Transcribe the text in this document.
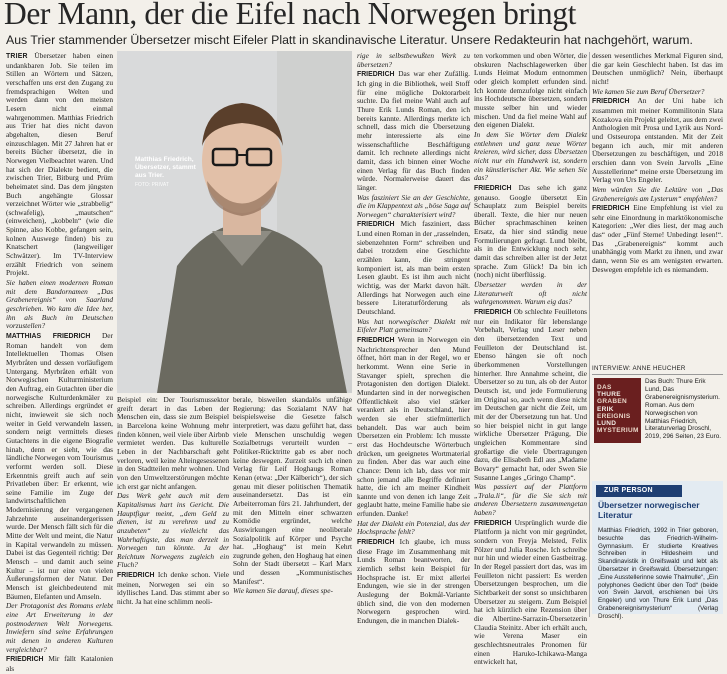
Der Mann, der die Eifel nach Norwegen bringt
Aus Trier stammender Übersetzer mischt Eifeler Platt in skandinavische Literatur. Unsere Redakteurin hat nachgehört, warum.

TRIER Übersetzer haben einen undankbaren Job. Sie teilen im Stillen an Wörtern und Sätzen, verschaffen uns erst den Zugang zu fremdsprachigen Welten und werden dann von den meisten Lesern nicht einmal wahrgenommen. Matthias Friedrich aus Trier hat dies nicht davon abgehalten, diesen Beruf einzuschlagen. Mit 27 Jahren hat er bereits Bücher übersetzt, die in Norwegen Vielbeachtet waren. Und hat sich der Dialekte bedient, die zwischen Trier, Bitburg und Prüm beheimatet sind. Das dem jüngsten Buch angehängte Glossar verzeichnet Wörter wie „strabbelig“ (schwafelig), „mautschen“ (einweichen), „kobbeln“ (wie die Spinne, also Kobbe, gefangen sein, kolnen Auswege finden) bis zu Knatschert (langweiliger Schwätzer). Im TV-Interview erzählt Friedrich von seinem Projekt.

Sie haben einen modernen Roman mit dem Bandornamen „Das Grabenereignis“ von Saarland geschrieben. Wo kam die Idee her, ihn als Buch im Deutschen vorzustellen?

MATTHIAS FRIEDRICH Der Roman handelt von dem Intellektuellen Thomas Olsen Myrbråten und dessen vorläufigem Untergang. Myrbråten erhält von Norwegischen Kulturministerium den Auftrag, ein Gutachten über die norwegische Kulturdenkmäler zu schreiben. Allerdings ergründet er nicht, inwieweit sie sich noch weiter in Geld verwandeln lassen, sondern neigt vermittels dieses Gutachtens in die eigene Biografie hinab, denn er sieht, wie das ländliche Norwegen vom Tourismus verformt werden soll. Diese Erkenntnis greift auch auf sein Privatleben über: Er erkennt, wie seine Familie im Zuge der landwirtschaftlichen Modernisierung der vergangenen Jahrzehnte auseinandergerissen wurde. Der Mensch fällt sich für die Mitte der Welt und meint, die Natur in Kapital verwandeln zu müssen. Dabei ist das Gegenteil richtig: Der Mensch – und damit auch seine Kultur – ist nur eine von vielen Äußerungsformen der Natur. Der Mensch ist gleichbedeutend mit Bäumen, Elefanten und Amseln.

Der Protagonist des Romans erlebt eine Art Erweiterung in der postmodernen Welt Norwegens. Inwiefern sind seine Erfahrungen mit denen in anderen Kulturen vergleichbar?

FRIEDRICH Mir fällt Katalonien als

Matthias Friedrich, Übersetzer, stammt aus Trier.
FOTO: PRIVAT

Beispiel ein: Der Tourismussektor greift derart in das Leben der Menschen ein, dass sie zum Beispiel in Barcelona keine Wohnung mehr finden können, weil viele über Airbnb vermietet werden. Das kulturelle Leben in der Nachbarschaft geht verloren, weil keine Alteingesessenen in den Stadtteilen mehr wohnen. Und von den Umweltzerstörungen möchte ich erst gar nicht anfangen.

Das Werk geht auch mit dem Kapitalismus hart ins Gericht. Die Hauptfigur meint, „dem Geld zu dienen, ist zu verehren und zu anzubeten“ zu vielleicht das Wahrhaftigste, das man derzeit in Norwegen tun könnte. Ja der Reichtum Norwegens zugleich ein Fluch?

FRIEDRICH Ich denke schon. Viele meinen, Norwegen sei ein so idyllisches Land. Das stimmt aber so nicht. Ja hat eine schlimm neoli-

berale, bisweilen skandalös unfähige Regierung: das Sozialamt NAV hat beispielsweise die Gesetze falsch interpretiert, was dazu geführt hat, dass viele Menschen unschuldig wegen Sozialbetrugs verurteilt wurden – Politiker-Rücktritte gab es aber noch keine deswegen. Zurzeit such ich einen Verlag für Leif Hoghaugs Roman Kenan (etwa: „Der Kälberich“), der sich genau mit dieser politischen Thematik auseinandersetzt. Das ist ein Arbeiterroman fürs 21. Jahrhundert, der mit den Mitteln einer schwarzen Komödie ergründet, welche Auswirkungen eine neoliberale Sozialpolitik auf Körper und Psyche hat. „Hoghaug“ ist mein Kehrt zugrunde gehen, den Hoghaug hat einen Sohn der Stadt übersetzt – Karl Marx und dessen „Kommunistisches Manifest“.

Wie kamen Sie darauf, dieses spe-

rige in selbstbewußten Werk zu übersetzen?

FRIEDRICH Das war eher Zufällig. Ich ging in die Bibliothek, weil Stoff für eine mögliche Doktorarbeit suchte. Da fiel meine Wahl auch auf Thure Erik Lunds Roman, den ich bereits kannte. Allerdings merkte ich schnell, dass mich die Übersetzung mehr interessierte als eine wissenschaftliche Beschäftigung damit. Ich rechnete allerdings nicht damit, dass ich binnen einer Woche einen Verlag für das Buch finden würde. Normalerweise dauert das länger.

Was fasziniert Sie an der Geschichte, die im Klappentext als „böse Saga auf Norwegen“ charakterisiert wird?

FRIEDRICH Mich fasziniert, dass Lund einen Roman in der „rasselnden, siebenzehnten Form“ schreiben und dabei trotzdem eine Geschichte erzählen kann, die stringent komponiert ist, als man beim ersten Lesen glaubt. Es ist ihm auch nicht wichtig, was der Markt davon hält. Allerdings hat Norwegen auch eine bessere Literaturförderung als Deutschland.

Was hat norwegischer Dialekt mit Eifeler Platt gemeinsam?

FRIEDRICH Wenn in Norwegen ein Nachrichtensprecher den Mund öffnet, hört man in der Regel, wo er herkommt. Wenn eine Serie in Stavanger spielt, sprechen die Protagonisten den dortigen Dialekt. Mundarten sind in der norwegischen Öffentlichkeit also viel stärker verankert als in Deutschland, hier werden sie eher stiefmütterlich behandelt. Das war auch beim Übersetzen ein Problem: Ich musste erst das Hochdeutsche Wörterbuch drücken, um geeignetes Wortmaterial zu finden. Aber das war auch eine Chance: Denn ich lab, dass vor mir schon jemand alle Begriffe definiert hatte, die ich am meiner Kindheit kannte und von denen ich lange Zeit geglaubt hatte, meine Familie habe sie erfunden. Danke!

Hat der Dialekt ein Potenzial, das der Hochsprache fehlt?

FRIEDRICH Ich glaube, ich muss diese Frage im Zusammenhang mit Lunds Roman beantworten, der ziemlich selbst kein Beispiel für Hochsprache ist. Er mixt allerlei Endungen, wie sie in der strengen Auslegung der Bokmål-Variante üblich sind, die von den modernen Norwegern gesprochen wird. Endungen, die in manchen Dialek-

ten vorkommen und oben Wörter, die obskuren Nachschlagewerken über Lunds Heimat Modum entnommen oder gleich komplett erfunden sind. Ich konnte demzufolge nicht einfach ins Hochdeutsche übersetzen, sondern musste selber hin und wieder mischen. Und da fiel meine Wahl auf den eigenen Dialekt.

In dem Sie Wörter dem Dialekt entlehnen und ganz neue Wörter kreieren, wird sicher, dass Übersetzen nicht nur ein Handwerk ist, sondern ein künstlerischer Akt. Wie sehen Sie das?

FRIEDRICH Das sehe ich ganz genauso. Google übersetzt Ein Schauplatz zum Beispiel bereits überall. Texte, die hier nur neuen Bücher sprachmaschinen keinen Ersatz, da hier sind ständig neue Formulierungen gefragt. Lund bleibt, als in die Entwicklung noch sehr, damit das schreiben aller ist der Jetzt sprache. Zum Glück! Da bin ich (noch) nicht überflüssig.

Übersetzer werden in der Literaturwelt oft nicht wahrgenommen. Warum eig das?

FRIEDRICH Ob schlechte Feuilletons nur ein Indikator für lebenslange Vorbehalt, Verlag und Leser neben den übersetzenden Text und Feuilleton der Deutschland ist. Ebenso hängen sie oft noch überkommenen Vorstellungen hinterher. Ihre Annahme scheint, die Übersetzer so zu tun, als ob der Autor Deutsch ist, und jede Formulierung im Original so, auch wenn diese nicht im Deutschen gar nicht die Zeit, um mit der der Übersetzung tun hat. Und so hier beispiel nicht in gut lange wirkliche Übersetzer Prägung, Die ungleichen Kommentare sind großartige die viele Übertragungen dazu, die Elisabeth Edl aus „Madame Bovary“ gemacht hat, oder Swen Sie Susanne Langes „Gringo Champ“.

Was passiert auf der Plattform „Trala.li“, für die Sie sich mit anderen Übersetzern zusammengetan haben?

FRIEDRICH Ursprünglich wurde die Plattform ja nicht von mir gegründet, sondern von Freyja Melsted, Felix Pölzer und Julia Rosche. Ich schreibe nur hin und wieder einen Gastbeitrag. In der Regel passiert dort das, was im Feuilleton nicht passiert: Es werden Übersetzungen besprochen, um die Sichtbarkeit der sonst so unsichtbaren Übersetzer zu steigern. Zum Beispiel hat ich kürzlich eine Rezension über die Albertine-Sarrazin-Übersetzerin Claudia Steinitz. Aber ich erhält auch, wie Verena Maser ein geschlechtsneutrales Pronomen für einen Haruko-Ichikawa-Manga entwickelt hat,

dessen wesentliches Merkmal Figuren sind, die gar kein Geschlecht haben. Ist das im Deutschen unmöglich? Nein, überhaupt nicht!

Wie kamen Sie zum Beruf Übersetzer?

FRIEDRICH An der Uni habe ich zusammen mit meiner Kommilitonin Slata Kozakova ein Projekt geleitet, aus dem zwei Anthologien mit Prosa und Lyrik aus Nord- und Ostseuropa entstanden. Mit der Zeit begann ich auch, mir mit anderen Übersetzungen zu beschäftigen, und 2018 erschien dann von Svein Jarvolls „Eine Ausstellerinne“ meine erste Übersetzung im Verlag von Urs Engeler.

Wem würden Sie die Lektüre von „Das Grabenereignis am Lysterum“ empfehlen?

FRIEDRICH Eine Empfehlung ist viel zu sehr eine Einordnung in marktökonomische Kategorien: „Wer dies liest, der mag auch das“ oder „Fünf Sterne! Unbedingt lesen!“. Das „Grabenereignis“ kommt auch unabhängig vom Markt zu ihnen, und zwar dann, wenn Sie es am wenigsten erwarten. Deswegen empfehle ich es niemandem.

INTERVIEW: ANNE HEUCHER
DAS
THURE
GRABEN
ERIK
EREIGNIS
LUND
MYSTERIUM
Das Buch: Thure Erik Lund, Das Grabenereignismysterium. Roman. Aus dem Norwegischen von Matthias Friedrich, Literaturverlag Droschl, 2019, 296 Seiten, 23 Euro.
ZUR PERSON
Übersetzer norwegischer Literatur
Matthias Friedrich, 1992 in Trier geboren, besuchte das Friedrich-Wilhelm-Gymnasium. Er studierte Kreatives Schreiben in Hildesheim und Skandinavistik in Greifswald und lebt als Übersetzer in Greifswald. Übersetzungen: „Eine Ausstellerinne sowie Thalmulle“, „Ein polyphones Gedicht über den Tod“ (beide von Svein Jarvoll, erschienen bei Urs Engeler) und von Thure Erik Lund „Das Grabenereignismysterium“ (Verlag Droschl).
